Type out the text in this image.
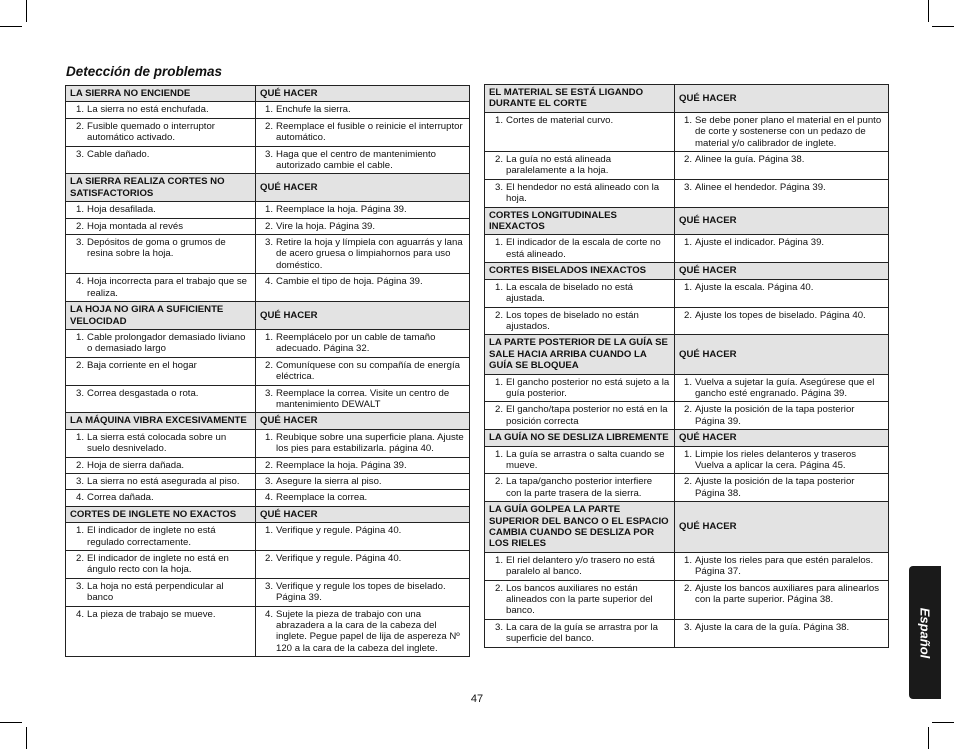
Detección de problemas
LA SIERRA NO ENCIENDE	QUÉ HACER

1. La sierra no está enchufada.	1. Enchufe la sierra.

2. Fusible quemado o interruptor automático activado.	2. Reemplace el fusible o reinicie el interruptor automático.

3. Cable dañado.	3. Haga que el centro de mantenimiento autorizado cambie el cable.

LA SIERRA REALIZA CORTES NO SATISFACTORIOS	QUÉ HACER

1. Hoja desafilada.	1. Reemplace la hoja. Página 39.

2. Hoja montada al revés	2. Vire la hoja. Página 39.

3. Depósitos de goma o grumos de resina sobre la hoja.	3. Retire la hoja y límpiela con aguarrás y lana de acero gruesa o limpiahornos para uso doméstico.

4. Hoja incorrecta para el trabajo que se realiza.	4. Cambie el tipo de hoja. Página 39.

LA HOJA NO GIRA A SUFICIENTE VELOCIDAD	QUÉ HACER

1. Cable prolongador demasiado liviano o demasiado largo	1. Reemplácelo por un cable de tamaño adecuado. Página 32.

2. Baja corriente en el hogar	2. Comuníquese con su compañía de energía eléctrica.

3. Correa desgastada o rota.	3. Reemplace la correa. Visite un centro de mantenimiento DEWALT

LA MÁQUINA VIBRA EXCESIVAMENTE	QUÉ HACER

1. La sierra está colocada sobre un suelo desnivelado.	1. Reubique sobre una superficie plana. Ajuste los pies para estabilizarla. página 40.

2. Hoja de sierra dañada.	2. Reemplace la hoja. Página 39.

3. La sierra no está asegurada al piso.	3. Asegure la sierra al piso.

4. Correa dañada.	4. Reemplace la correa.

CORTES DE INGLETE NO EXACTOS	QUÉ HACER

1. El indicador de inglete no está regulado correctamente.	1. Verifique y regule. Página 40.

2. El indicador de inglete no está en ángulo recto con la hoja.	2. Verifique y regule. Página 40.

3. La hoja no está perpendicular al banco	3. Verifique y regule los topes de biselado. Página 39.

4. La pieza de trabajo se mueve.	4. Sujete la pieza de trabajo con una abrazadera a la cara de la cabeza del inglete. Pegue papel de lija de aspereza Nº 120 a la cara de la cabeza del inglete.
EL MATERIAL SE ESTÁ LIGANDO DURANTE EL CORTE	QUÉ HACER

1. Cortes de material curvo.	1. Se debe poner plano el material en el punto de corte y sostenerse con un pedazo de material y/o calibrador de inglete.

2. La guía no está alineada paralelamente a la hoja.	2. Alinee la guía. Página 38.

3. El hendedor no está alineado con la hoja.	3. Alinee el hendedor. Página 39.

CORTES LONGITUDINALES INEXACTOS	QUÉ HACER

1. El indicador de la escala de corte no está alineado.	1. Ajuste el indicador. Página 39.

CORTES BISELADOS INEXACTOS	QUÉ HACER

1. La escala de biselado no está ajustada.	1. Ajuste la escala. Página 40.

2. Los topes de biselado no están ajustados.	2. Ajuste los topes de biselado. Página 40.

LA PARTE POSTERIOR DE LA GUÍA SE SALE HACIA ARRIBA CUANDO LA GUÍA SE BLOQUEA	QUÉ HACER

1. El gancho posterior no está sujeto a la guía posterior.	1. Vuelva a sujetar la guía. Asegúrese que el gancho esté engranado. Página 39.

2. El gancho/tapa posterior no está en la posición correcta	2. Ajuste la posición de la tapa posterior Página 39.

LA GUÍA NO SE DESLIZA LIBREMENTE	QUÉ HACER

1. La guía se arrastra o salta cuando se mueve.	1. Limpie los rieles delanteros y traseros Vuelva a aplicar la cera. Página 45.

2. La tapa/gancho posterior interfiere con la parte trasera de la sierra.	2. Ajuste la posición de la tapa posterior Página 38.

LA GUÍA GOLPEA LA PARTE SUPERIOR DEL BANCO O EL ESPACIO CAMBIA CUANDO SE DESLIZA POR LOS RIELES	QUÉ HACER

1. El riel delantero y/o trasero no está paralelo al banco.	1. Ajuste los rieles para que estén paralelos. Página 37.

2. Los bancos auxiliares no están alineados con la parte superior del banco.	2. Ajuste los bancos auxiliares para alinearlos con la parte superior. Página 38.

3. La cara de la guía se arrastra por la superficie del banco.	3. Ajuste la cara de la guía. Página 38.
47
Español
